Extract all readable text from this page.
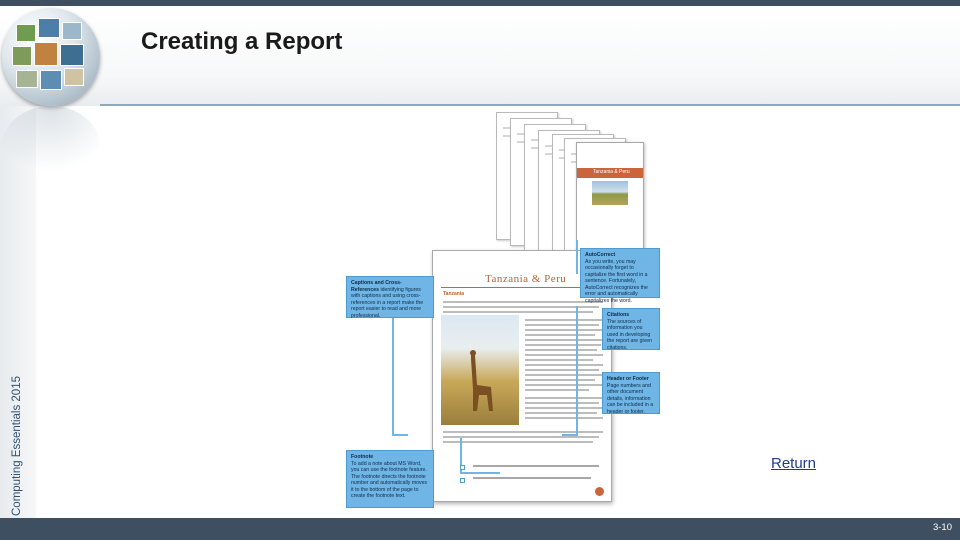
Creating a Report
Computing Essentials 2015
Tanzania & Peru
Tanzania & Peru
Tanzania
Captions and Cross-References identifying figures with captions and using cross-references in a report make the report easier to read and more professional.
AutoCorrect
As you write, you may occasionally forget to capitalize the first word in a sentence. Fortunately, AutoCorrect recognizes the error and automatically capitalizes the word.
Citations
The sources of information you used in developing the report are given citations.
Header or Footer
Page numbers and other document details, information can be included in a header or footer.
Footnote
To add a note about MS Word, you can use the footnote feature. The footnote directs the footnote number and automatically moves it to the bottom of the page to create the footnote text.
Return
3-10
